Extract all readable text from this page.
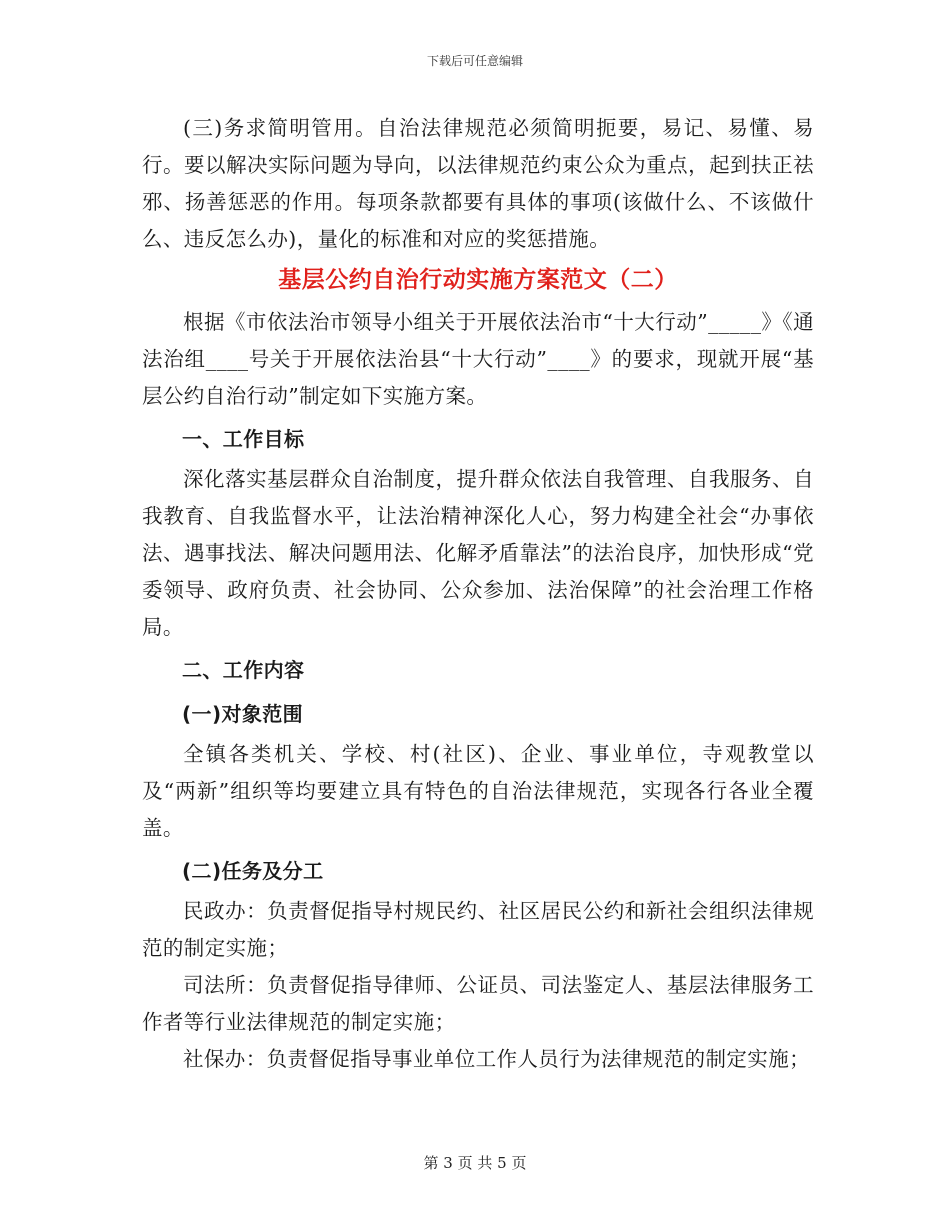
下载后可任意编辑

(三)务求简明管用。自治法律规范必须简明扼要，易记、易懂、易行。要以解决实际问题为导向，以法律规范约束公众为重点，起到扶正祛邪、扬善惩恶的作用。每项条款都要有具体的事项(该做什么、不该做什么、违反怎么办)，量化的标准和对应的奖惩措施。

基层公约自治行动实施方案范文（二）

根据《市依法治市领导小组关于开展依法治市“十大行动”_____》《通法治组____号关于开展依法治县“十大行动”____》的要求，现就开展“基层公约自治行动”制定如下实施方案。

一、工作目标

深化落实基层群众自治制度，提升群众依法自我管理、自我服务、自我教育、自我监督水平，让法治精神深化人心，努力构建全社会“办事依法、遇事找法、解决问题用法、化解矛盾靠法”的法治良序，加快形成“党委领导、政府负责、社会协同、公众参加、法治保障”的社会治理工作格局。

二、工作内容
(一)对象范围

全镇各类机关、学校、村(社区)、企业、事业单位，寺观教堂以及“两新”组织等均要建立具有特色的自治法律规范，实现各行各业全覆盖。

(二)任务及分工

民政办：负责督促指导村规民约、社区居民公约和新社会组织法律规范的制定实施；

司法所：负责督促指导律师、公证员、司法鉴定人、基层法律服务工作者等行业法律规范的制定实施；

社保办：负责督促指导事业单位工作人员行为法律规范的制定实施；

第 3 页 共 5 页
